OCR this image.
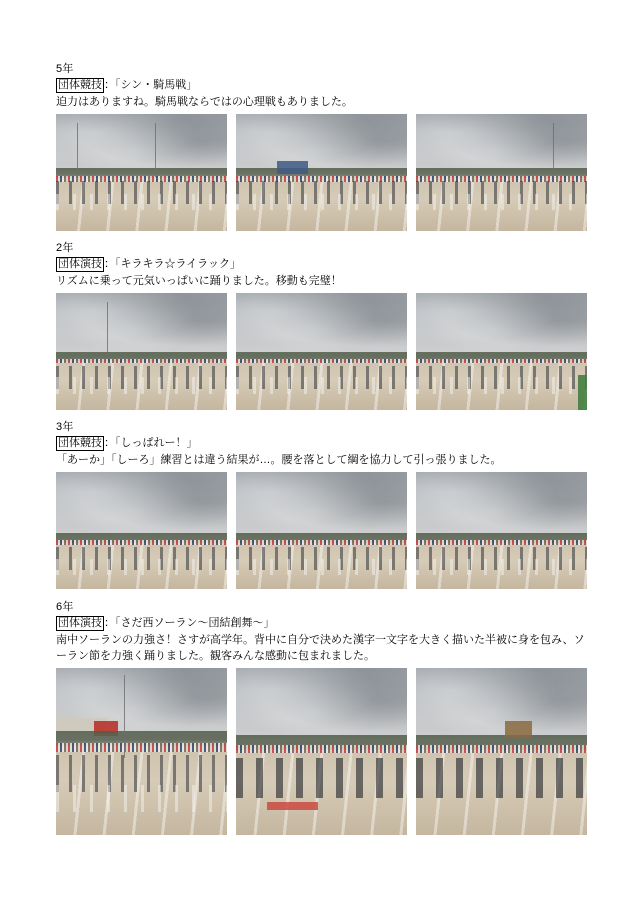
5年
団体競技 ：「シン・騎馬戦」
迫力はありますね。騎馬戦ならではの心理戦もありました。
2年
団体演技 ：「キラキラ☆ライラック」
リズムに乗って元気いっぱいに踊りました。移動も完璧！
3年
団体競技 ：「しっぱれー！」
「あーか」「しーろ」練習とは違う結果が…。腰を落として綱を協力して引っ張りました。
6年
団体演技 ：「さだ西ソーラン～団結創舞～」
南中ソーランの力強さ！さすが高学年。背中に自分で決めた漢字一文字を大きく描いた半被に身を包み、ソーラン節を力強く踊りました。観客みんな感動に包まれました。
